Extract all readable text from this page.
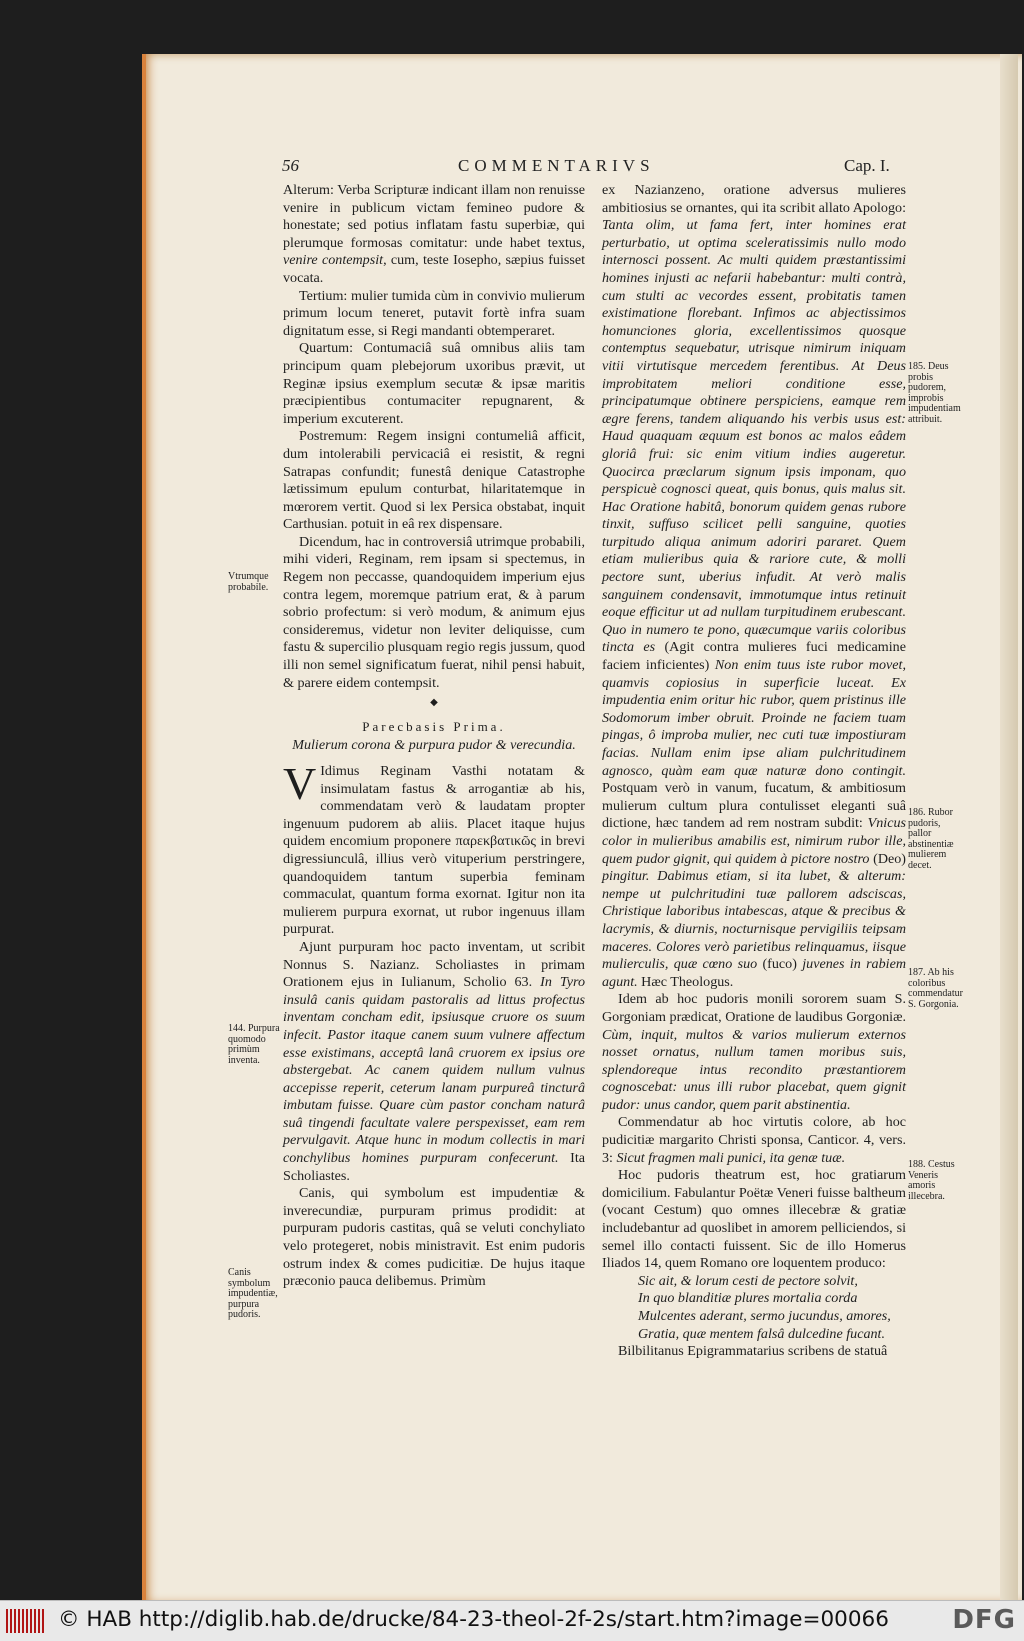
56	COMMENTARIVS	Cap. I.

Alterum: Verba Scripturæ indicant illam non renuisse venire in publicum victam femineo pudore & honestate; sed potius inflatam fastu superbiæ, qui plerumque formosas comitatur: unde habet textus, venire contempsit, cum, teste Iosepho, sæpius fuisset vocata.

Tertium: mulier tumida cùm in convivio mulierum primum locum teneret, putavit fortè infra suam dignitatum esse, si Regi mandanti obtemperaret.

Quartum: Contumaciâ suâ omnibus aliis tam principum quam plebejorum uxoribus prævit, ut Reginæ ipsius exemplum secutæ & ipsæ maritis præcipientibus contumaciter repugnarent, & imperium excuterent.

Postremum: Regem insigni contumeliâ afficit, dum intolerabili pervicaciâ ei resistit, & regni Satrapas confundit; funestâ denique Catastrophe lætissimum epulum conturbat, hilaritatemque in mœrorem vertit. Quod si lex Persica obstabat, inquit Carthusian. potuit in eâ rex dispensare.

Dicendum, hac in controversiâ utrimque probabili, mihi videri, Reginam, rem ipsam si spectemus, in Regem non peccasse, quandoquidem imperium ejus contra legem, moremque patrium erat, & à parum sobrio profectum: si verò modum, & animum ejus consideremus, videtur non leviter deliquisse, cum fastu & supercilio plusquam regio regis jussum, quod illi non semel significatum fuerat, nihil pensi habuit, & parere eidem contempsit.

◆

Parecbasis Prima.

Mulierum corona & purpura pudor & verecundia.

V Idimus Reginam Vasthi notatam & insimulatam fastus & arrogantiæ ab his, commendatam verò & laudatam propter ingenuum pudorem ab aliis. Placet itaque hujus quidem encomium proponere παρεκβατικῶς in brevi digressiunculâ, illius verò vituperium perstringere, quandoquidem tantum superbia feminam commaculat, quantum forma exornat. Igitur non ita mulierem purpura exornat, ut rubor ingenuus illam purpurat.

Ajunt purpuram hoc pacto inventam, ut scribit Nonnus S. Nazianz. Scholiastes in primam Orationem ejus in Iulianum, Scholio 63. In Tyro insulâ canis quidam pastoralis ad littus profectus inventam concham edit, ipsiusque cruore os suum infecit. Pastor itaque canem suum vulnere affectum esse existimans, acceptâ lanâ cruorem ex ipsius ore abstergebat. Ac canem quidem nullum vulnus accepisse reperit, ceterum lanam purpureâ tincturâ imbutam fuisse. Quare cùm pastor concham naturâ suâ tingendi facultate valere perspexisset, eam rem pervulgavit. Atque hunc in modum collectis in mari conchylibus homines purpuram confecerunt. Ita Scholiastes.

Canis, qui symbolum est impudentiæ & inverecundiæ, purpuram primus prodidit: at purpuram pudoris castitas, quâ se veluti conchyliato velo protegeret, nobis ministravit. Est enim pudoris ostrum index & comes pudicitiæ. De hujus itaque præconio pauca delibemus. Primùm

ex Nazianzeno, oratione adversus mulieres ambitiosius se ornantes, qui ita scribit allato Apologo: Tanta olim, ut fama fert, inter homines erat perturbatio, ut optima sceleratissimis nullo modo internosci possent. Ac multi quidem præstantissimi homines injusti ac nefarii habebantur: multi contrà, cum stulti ac vecordes essent, probitatis tamen existimatione florebant. Infimos ac abjectissimos homunciones gloria, excellentissimos quosque contemptus sequebatur, utrisque nimirum iniquam vitii virtutisque mercedem ferentibus. At Deus improbitatem meliori conditione esse, principatumque obtinere perspiciens, eamque rem ægre ferens, tandem aliquando his verbis usus est: Haud quaquam æquum est bonos ac malos eâdem gloriâ frui: sic enim vitium indies augeretur. Quocirca præclarum signum ipsis imponam, quo perspicuè cognosci queat, quis bonus, quis malus sit. Hac Oratione habitâ, bonorum quidem genas rubore tinxit, suffuso scilicet pelli sanguine, quoties turpitudo aliqua animum adoriri pararet. Quem etiam mulieribus quia & rariore cute, & molli pectore sunt, uberius infudit. At verò malis sanguinem condensavit, immotumque intus retinuit eoque efficitur ut ad nullam turpitudinem erubescant. Quo in numero te pono, quæcumque variis coloribus tincta es (Agit contra mulieres fuci medicamine faciem inficientes) Non enim tuus iste rubor movet, quamvis copiosius in superficie luceat. Ex impudentia enim oritur hic rubor, quem pristinus ille Sodomorum imber obruit. Proinde ne faciem tuam pingas, ô improba mulier, nec cuti tuæ impostiuram facias. Nullam enim ipse aliam pulchritudinem agnosco, quàm eam quæ naturæ dono contingit. Postquam verò in vanum, fucatum, & ambitiosum mulierum cultum plura contulisset eleganti suâ dictione, hæc tandem ad rem nostram subdit: Vnicus color in mulieribus amabilis est, nimirum rubor ille, quem pudor gignit, qui quidem à pictore nostro (Deo) pingitur. Dabimus etiam, si ita lubet, & alterum: nempe ut pulchritudini tuæ pallorem adsciscas, Christique laboribus intabescas, atque & precibus & lacrymis, & diurnis, nocturnisque pervigiliis teipsam maceres. Colores verò parietibus relinquamus, iisque mulierculis, quæ cœno suo (fuco) juvenes in rabiem agunt. Hæc Theologus.

Idem ab hoc pudoris monili sororem suam S. Gorgoniam prædicat, Oratione de laudibus Gorgoniæ. Cùm, inquit, multos & varios mulierum externos nosset ornatus, nullum tamen moribus suis, splendoreque intus recondito præstantiorem cognoscebat: unus illi rubor placebat, quem gignit pudor: unus candor, quem parit abstinentia.

Commendatur ab hoc virtutis colore, ab hoc pudicitiæ margarito Christi sponsa, Canticor. 4, vers. 3: Sicut fragmen mali punici, ita genæ tuæ.

Hoc pudoris theatrum est, hoc gratiarum domicilium. Fabulantur Poëtæ Veneri fuisse baltheum (vocant Cestum) quo omnes illecebræ & gratiæ includebantur ad quoslibet in amorem pelliciendos, si semel illo contacti fuissent. Sic de illo Homerus Iliados 14, quem Romano ore loquentem produco:

Sic ait, & lorum cesti de pectore solvit,
In quo blanditiæ plures mortalia corda
Mulcentes aderant, sermo jucundus, amores,
Gratia, quæ mentem falsâ dulcedine fucant.

Bilbilitanus Epigrammatarius scribens de statuâ

Vtrumque probabile.
144. Purpura quomodo primùm inventa.
Canis symbolum impudentiæ, purpura pudoris.
185. Deus probis pudorem, improbis impudentiam attribuit.
186. Rubor pudoris, pallor abstinentiæ mulierem decet.
187. Ab his coloribus commendatur S. Gorgonia.
188. Cestus Veneris amoris illecebra.
© HAB http://diglib.hab.de/drucke/84-23-theol-2f-2s/start.htm?image=00066 DFG
